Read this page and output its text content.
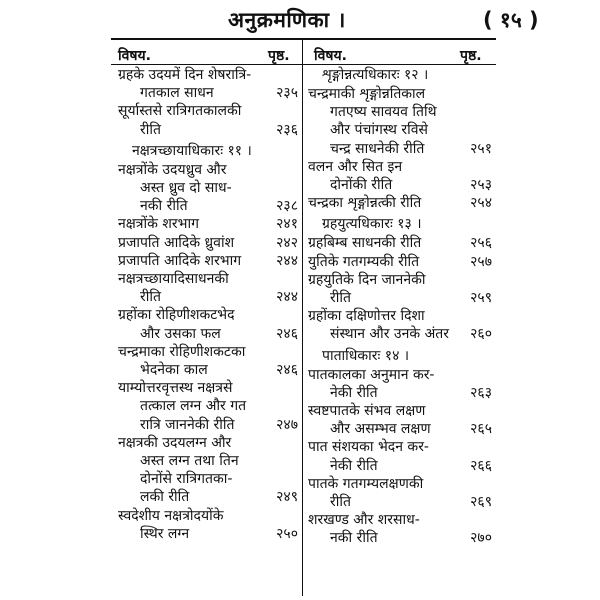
अनुक्रमणिका ।	( १५ )
विषय.	पृष्ठ. विषय.	पृष्ठ.
ग्रहके उदयमें दिन शेषरात्रि-
गतकाल साधन	२३५
सूर्यास्तसे रात्रिगतकालकी
रीति	२३६
नक्षत्रच्छायाधिकारः ११ ।
नक्षत्रोंके उदयध्रुव और
अस्त ध्रुव दो साध-
नकी रीति	२३८
नक्षत्रोंके शरभाग	२४१
प्रजापति आदिके ध्रुवांश	२४२
प्रजापति आदिके शरभाग	२४४
नक्षत्रच्छायादिसाधनकी
रीति	२४४
ग्रहोंका रोहिणीशकटभेद
और उसका फल	२४६
चन्द्रमाका रोहिणीशकटका
भेदनेका काल	२४६
याम्योत्तरवृत्तस्थ नक्षत्रसे
तत्काल लग्न और गत
रात्रि जाननेकी रीति	२४७
नक्षत्रकी उदयलग्न और
अस्त लग्न तथा तिन
दोनोंसे रात्रिगतका-
लकी रीति	२४९
स्वदेशीय नक्षत्रोदयोंके
स्थिर लग्न	२५०
शृङ्गोन्नत्यधिकारः १२ ।
चन्द्रमाकी शृङ्गोन्नतिकाल
गतएष्य सावयव तिथि
और पंचांगस्थ रविसे
चन्द्र साधनेकी रीति	२५१
वलन और सित इन
दोनोंकी रीति	२५३
चन्द्रका शृङ्गोन्नत्की रीति	२५४
ग्रहयुत्यधिकारः १३ ।
ग्रहबिम्ब साधनकी रीति	२५६
युतिके गतगम्यकी रीति	२५७
ग्रहयुतिके दिन जाननेकी
रीति	२५९
ग्रहोंका दक्षिणोत्तर दिशा
संस्थान और उनके अंतर	२६०
पाताधिकारः १४ ।
पातकालका अनुमान कर-
नेकी रीति	२६३
स्वष्टपातके संभव लक्षण
और असम्भव लक्षण	२६५
पात संशयका भेदन कर-
नेकी रीति	२६६
पातके गतगम्यलक्षणकी
रीति	२६९
शरखण्ड और शरसाध-
नकी रीति	२७०
